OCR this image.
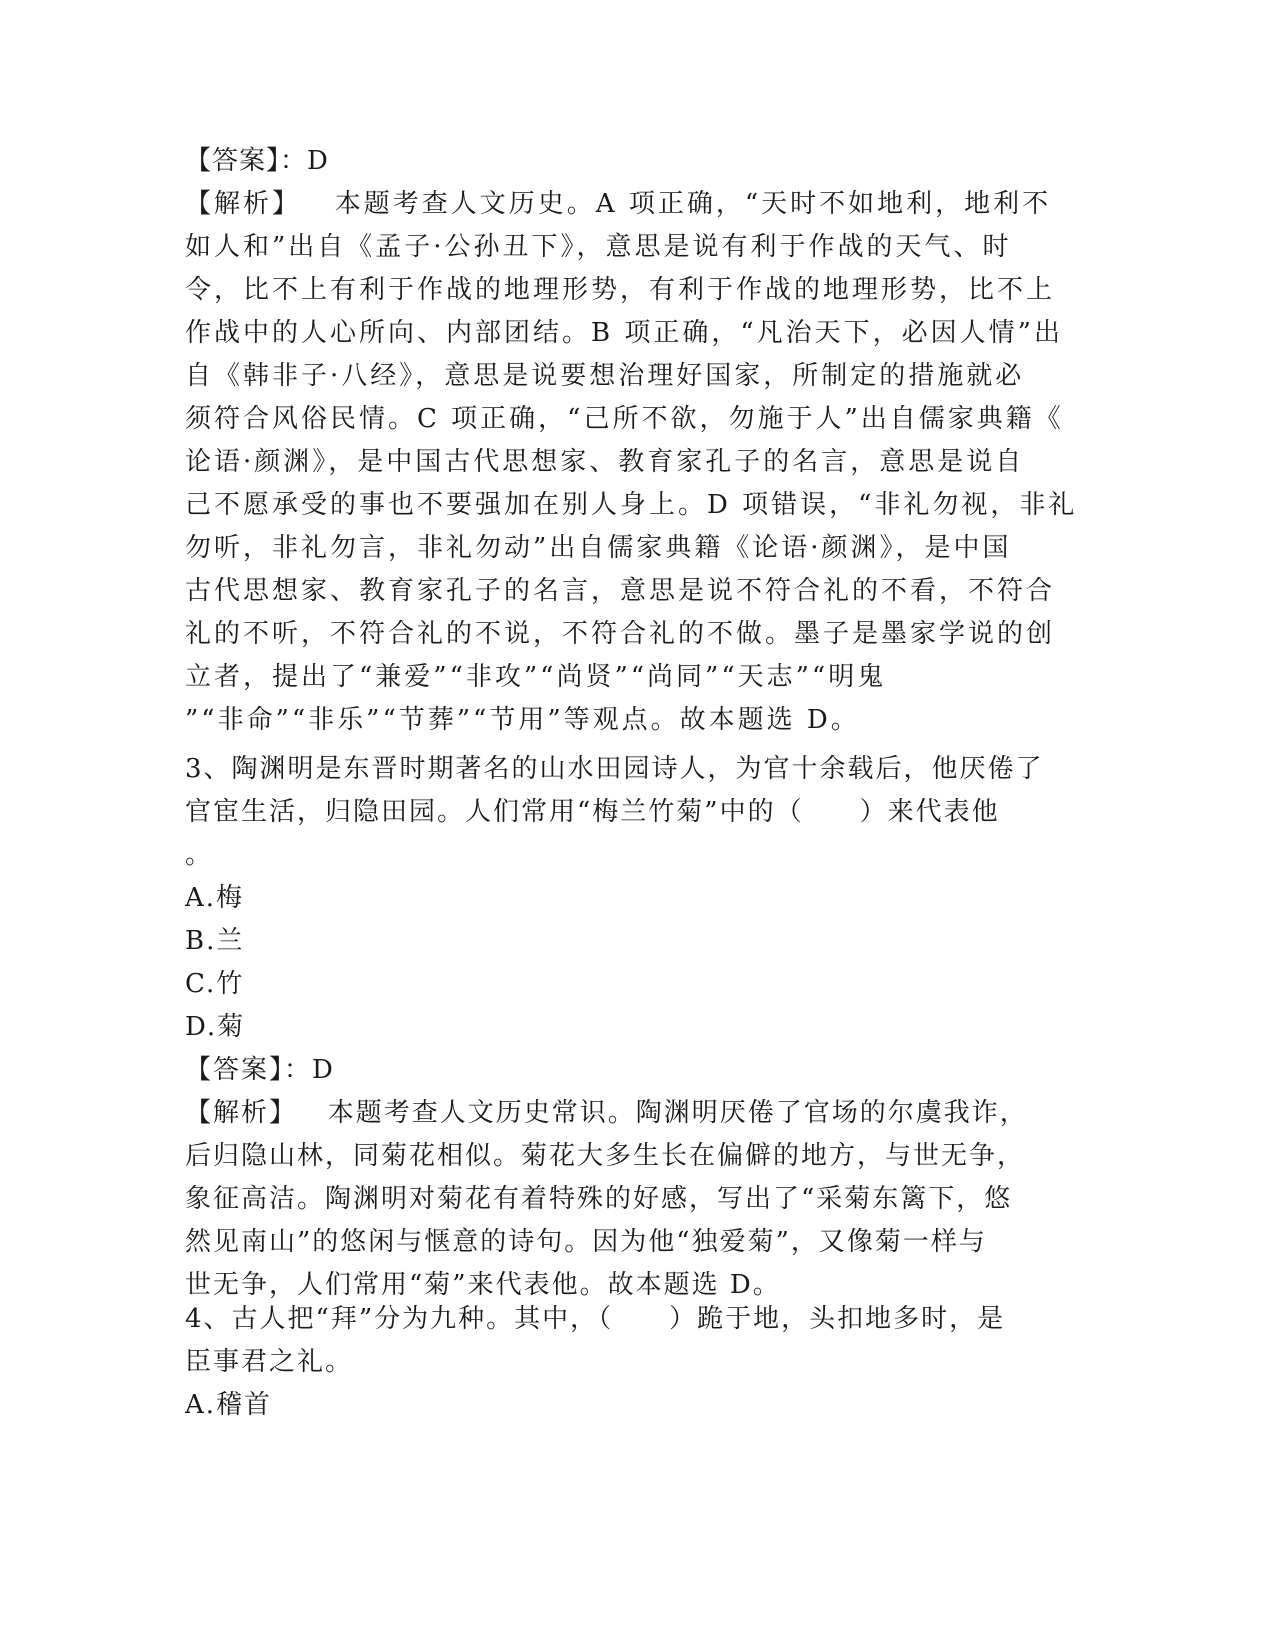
【答案】：D
【解析】   本题考查人文历史。A 项正确，“天时不如地利，地利不
如人和”出自《孟子·公孙丑下》，意思是说有利于作战的天气、时
令，比不上有利于作战的地理形势，有利于作战的地理形势，比不上
作战中的人心所向、内部团结。B 项正确，“凡治天下，必因人情”出
自《韩非子·八经》，意思是说要想治理好国家，所制定的措施就必
须符合风俗民情。C 项正确，“己所不欲，勿施于人”出自儒家典籍《
论语·颜渊》，是中国古代思想家、教育家孔子的名言，意思是说自
己不愿承受的事也不要强加在别人身上。D 项错误，“非礼勿视，非礼
勿听，非礼勿言，非礼勿动”出自儒家典籍《论语·颜渊》，是中国
古代思想家、教育家孔子的名言，意思是说不符合礼的不看，不符合
礼的不听，不符合礼的不说，不符合礼的不做。墨子是墨家学说的创
立者，提出了“兼爱”“非攻”“尚贤”“尚同”“天志”“明鬼
”“非命”“非乐”“节葬”“节用”等观点。故本题选 D。
3、陶渊明是东晋时期著名的山水田园诗人，为官十余载后，他厌倦了
官宦生活，归隐田园。人们常用“梅兰竹菊”中的（　　）来代表他
。
A.梅
B.兰
C.竹
D.菊
【答案】：D
【解析】   本题考查人文历史常识。陶渊明厌倦了官场的尔虞我诈，
后归隐山林，同菊花相似。菊花大多生长在偏僻的地方，与世无争，
象征高洁。陶渊明对菊花有着特殊的好感，写出了“采菊东篱下，悠
然见南山”的悠闲与惬意的诗句。因为他“独爱菊”，又像菊一样与
世无争，人们常用“菊”来代表他。故本题选 D。
4、古人把“拜”分为九种。其中，（　　）跪于地，头扣地多时，是
臣事君之礼。
A.稽首
